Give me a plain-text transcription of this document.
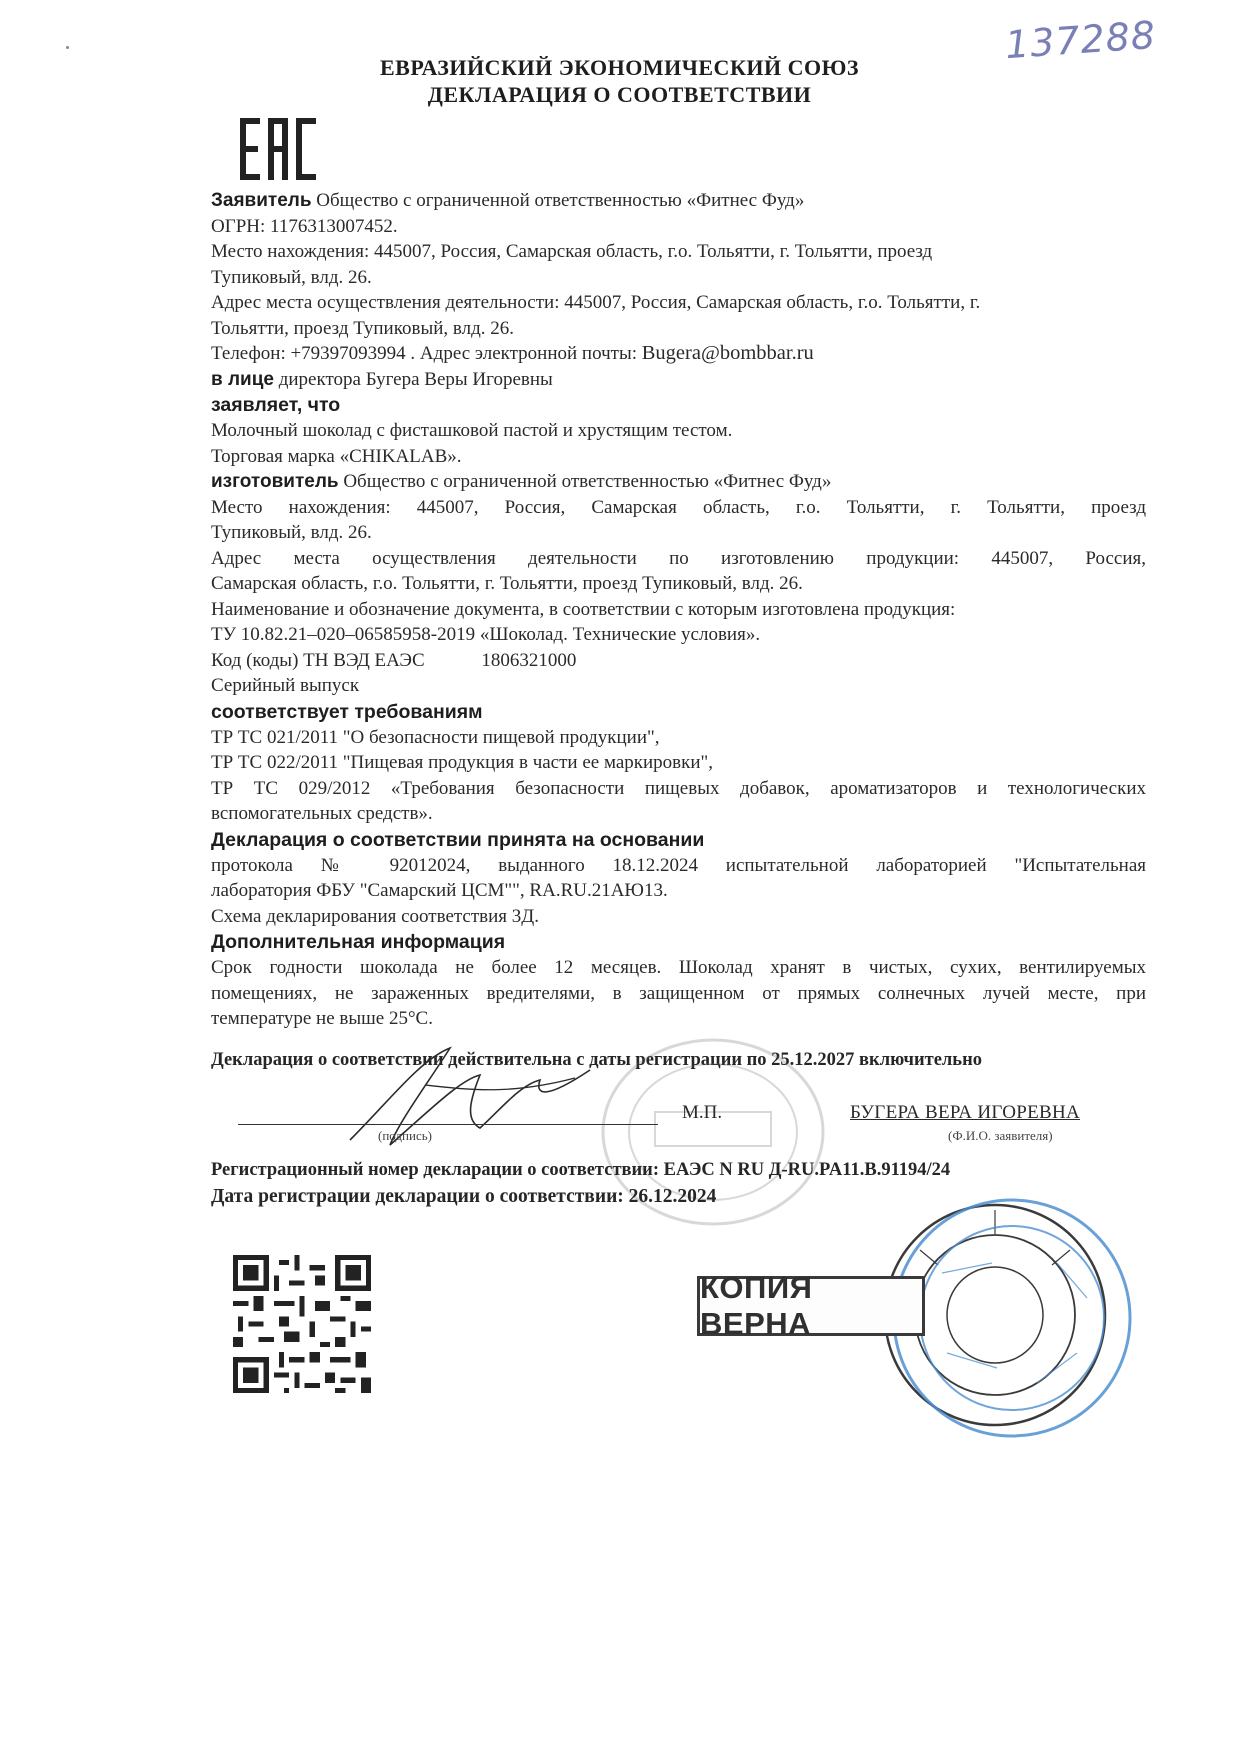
137288
ЕВРАЗИЙСКИЙ ЭКОНОМИЧЕСКИЙ СОЮЗ
ДЕКЛАРАЦИЯ О СООТВЕТСТВИИ
Заявитель Общество с ограниченной ответственностью «Фитнес Фуд»
ОГРН: 1176313007452.
Место нахождения: 445007, Россия, Самарская область, г.о. Тольятти, г. Тольятти, проезд
Тупиковый, влд. 26.
Адрес места осуществления деятельности: 445007, Россия, Самарская область, г.о. Тольятти, г.
Тольятти, проезд Тупиковый, влд. 26.
Телефон: +79397093994 . Адрес электронной почты: Bugera@bombbar.ru
в лице директора Бугера Веры Игоревны
заявляет, что
Молочный шоколад с фисташковой пастой и хрустящим тестом.
Торговая марка «CHIKALAB».
изготовитель Общество с ограниченной ответственностью «Фитнес Фуд»
Место нахождения: 445007, Россия, Самарская область, г.о. Тольятти, г. Тольятти, проезд
Тупиковый, влд. 26.
Адрес места осуществления деятельности по изготовлению продукции: 445007, Россия,
Самарская область, г.о. Тольятти, г. Тольятти, проезд Тупиковый, влд. 26.
Наименование и обозначение документа, в соответствии с которым изготовлена продукция:
ТУ 10.82.21–020–06585958-2019 «Шоколад. Технические условия».
Код (коды) ТН ВЭД ЕАЭС	1806321000
Серийный выпуск
соответствует требованиям
ТР ТС 021/2011 "О безопасности пищевой продукции",
ТР ТС 022/2011 "Пищевая продукция в части ее маркировки",
ТР ТС 029/2012 «Требования безопасности пищевых добавок, ароматизаторов и технологических
вспомогательных средств».
Декларация о соответствии принята на основании
протокола № 92012024, выданного 18.12.2024 испытательной лабораторией "Испытательная
лаборатория ФБУ "Самарский ЦСМ"", RA.RU.21АЮ13.
Схема декларирования соответствия 3Д.
Дополнительная информация
Срок годности шоколада не более 12 месяцев. Шоколад хранят в чистых, сухих, вентилируемых
помещениях, не зараженных вредителями, в защищенном от прямых солнечных лучей месте, при
температуре не выше 25°С.
Декларация о соответствии действительна с даты регистрации по 25.12.2027 включительно
(подпись)
М.П.	БУГЕРА ВЕРА ИГОРЕВНА
(Ф.И.О. заявителя)
Регистрационный номер декларации о соответствии: ЕАЭС N RU Д-RU.PA11.B.91194/24
Дата регистрации декларации о соответствии: 26.12.2024
КОПИЯ ВЕРНА
